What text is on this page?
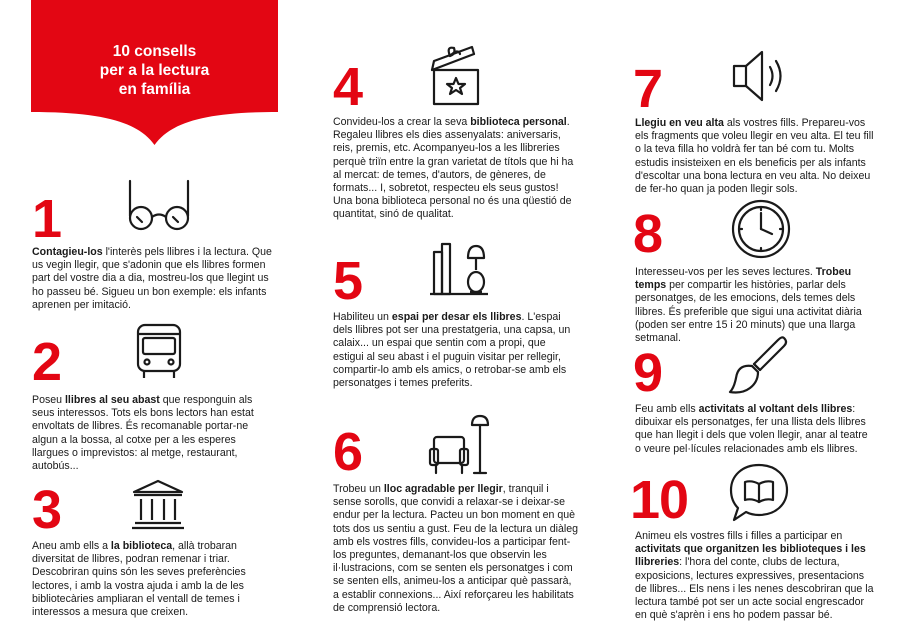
10 consells
per a la lectura
en família
1

Contagieu-los l'interès pels llibres i la lectura. Que us vegin llegir, que s'adonin que els llibres formen part del vostre dia a dia, mostreu-los que llegint us ho passeu bé. Sigueu un bon exemple: els infants aprenen per imitació.

2

Poseu llibres al seu abast que responguin als seus interessos. Tots els bons lectors han estat envoltats de llibres. És recomanable portar-ne algun a la bossa, al cotxe per a les esperes llargues o imprevistos: al metge, restaurant, autobús...

3

Aneu amb ells a la biblioteca, allà trobaran diversitat de llibres, podran remenar i triar. Descobriran quins són les seves preferències lectores, i amb la vostra ajuda i amb la de les bibliotecàries ampliaran el ventall de temes i interessos a mesura que creixen.

4

Convideu-los a crear la seva biblioteca personal. Regaleu llibres els dies assenyalats: aniversaris, reis, premis, etc. Acompanyeu-los a les llibreries perquè triïn entre la gran varietat de títols que hi ha al mercat: de temes, d'autors, de gèneres, de formats... I, sobretot, respecteu els seus gustos! Una bona biblioteca personal no és una qüestió de quantitat, sinó de qualitat.

5

Habiliteu un espai per desar els llibres. L'espai dels llibres pot ser una prestatgeria, una capsa, un calaix... un espai que sentin com a propi, que estigui al seu abast i el puguin visitar per rellegir, compartir-lo amb els amics, o retrobar-se amb els personatges i temes preferits.

6

Trobeu un lloc agradable per llegir, tranquil i sense sorolls, que convidi a relaxar-se i deixar-se endur per la lectura. Pacteu un bon moment en què tots dos us sentiu a gust. Feu de la lectura un diàleg amb els vostres fills, convideu-los a participar fent-los preguntes, demanant-los que observin les il·lustracions, com se senten els personatges i com se senten ells, animeu-los a anticipar què passarà, a establir connexions... Així reforçareu les habilitats de comprensió lectora.

7

Llegiu en veu alta als vostres fills. Prepareu-vos els fragments que voleu llegir en veu alta. El teu fill o la teva filla ho voldrà fer tan bé com tu. Molts estudis insisteixen en els beneficis per als infants d'escoltar una bona lectura en veu alta. No deixeu de fer-ho quan ja poden llegir sols.

8

Interesseu-vos per les seves lectures. Trobeu temps per compartir les històries, parlar dels personatges, de les emocions, dels temes dels llibres. És preferible que sigui una activitat diària (poden ser entre 15 i 20 minuts) que una llarga setmanal.

9

Feu amb ells activitats al voltant dels llibres: dibuixar els personatges, fer una llista dels llibres que han llegit i dels que volen llegir, anar al teatre o veure pel·lícules relacionades amb els llibres.

10

Animeu els vostres fills i filles a participar en activitats que organitzen les biblioteques i les llibreries: l'hora del conte, clubs de lectura, exposicions, lectures expressives, presentacions de llibres... Els nens i les nenes descobriran que la lectura també pot ser un acte social engrescador en què s'aprèn i ens ho podem passar bé.
